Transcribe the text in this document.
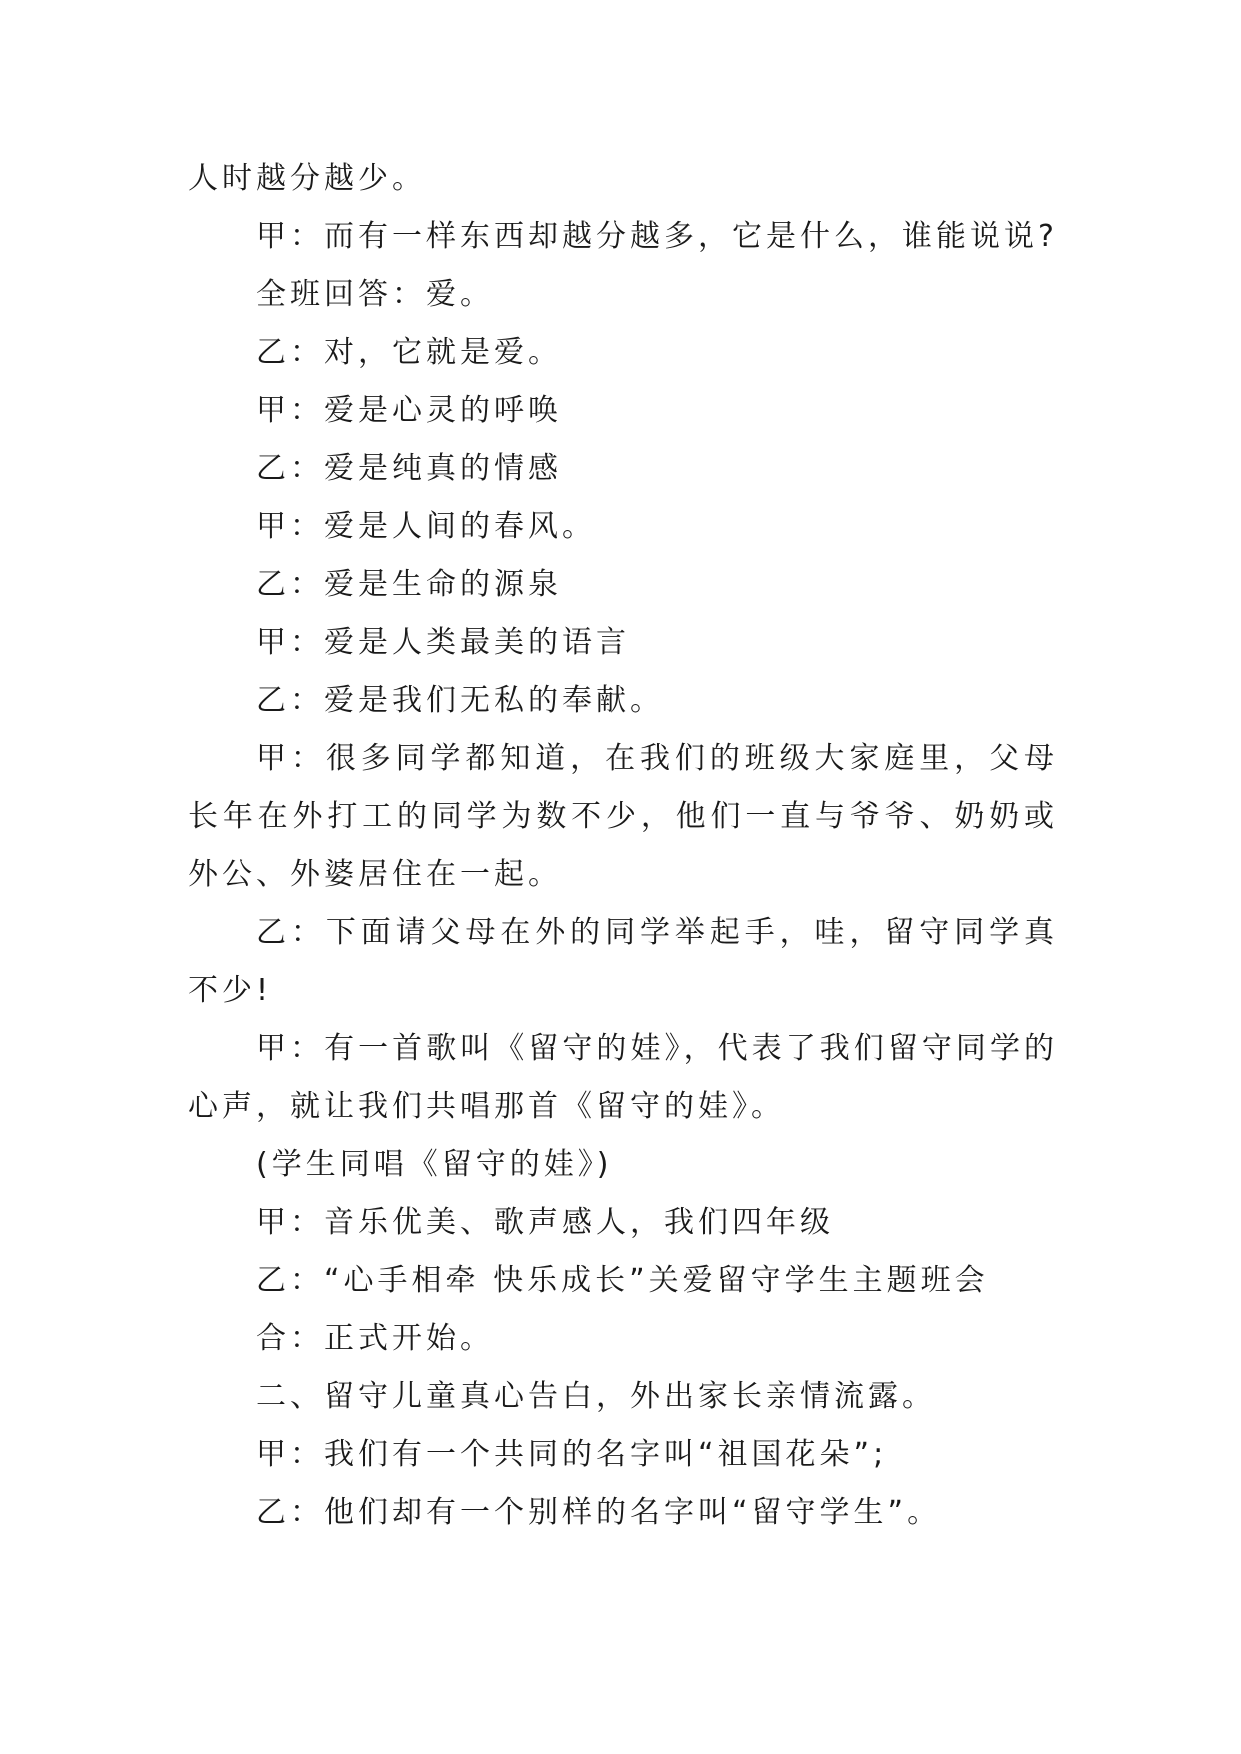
人时越分越少。

甲：而有一样东西却越分越多，它是什么，谁能说说?

全班回答：爱。

乙：对，它就是爱。

甲：爱是心灵的呼唤

乙：爱是纯真的情感

甲：爱是人间的春风。

乙：爱是生命的源泉

甲：爱是人类最美的语言

乙：爱是我们无私的奉献。

甲：很多同学都知道，在我们的班级大家庭里，父母长年在外打工的同学为数不少，他们一直与爷爷、奶奶或外公、外婆居住在一起。

乙：下面请父母在外的同学举起手，哇，留守同学真不少!

甲：有一首歌叫《留守的娃》，代表了我们留守同学的心声，就让我们共唱那首《留守的娃》。

(学生同唱《留守的娃》)

甲：音乐优美、歌声感人，我们四年级

乙：“心手相牵 快乐成长”关爱留守学生主题班会

合：正式开始。

二、留守儿童真心告白，外出家长亲情流露。

甲：我们有一个共同的名字叫“祖国花朵”;

乙：他们却有一个别样的名字叫“留守学生”。
